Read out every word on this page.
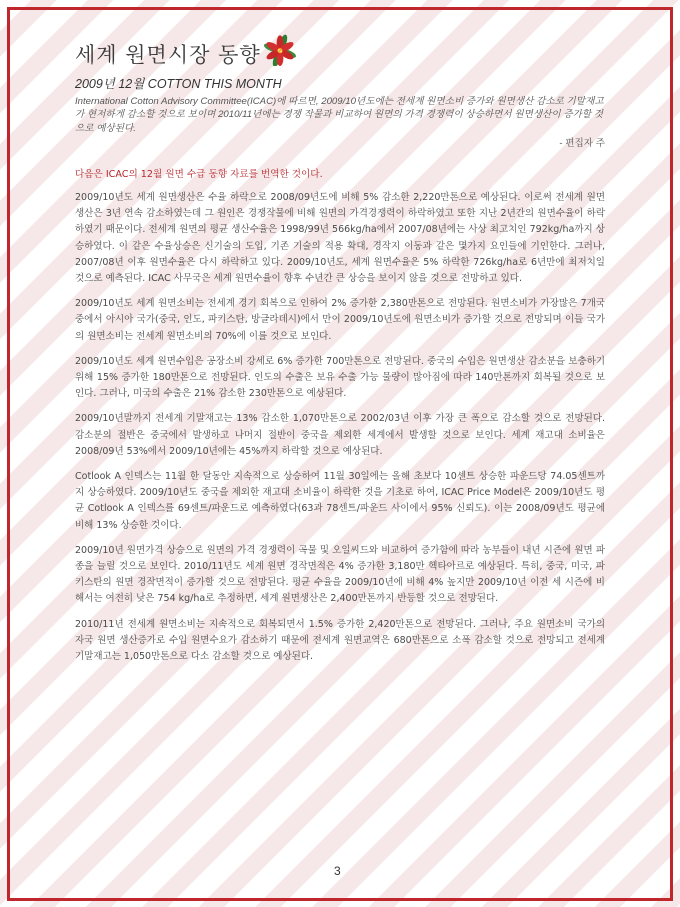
세계 원면시장 동향
2009년 12월 COTTON THIS MONTH
International Cotton Advisory Committee(ICAC)에 따르면, 2009/10년도에는 전세계 원면소비 증가와 원면생산 감소로 기말재고가 현저하게 감소할 것으로 보이며 2010/11년에는 경쟁 작물과 비교하여 원면의 가격 경쟁력이 상승하면서 원면생산이 증가할 것으로 예상된다.
- 편집자 주
다음은 ICAC의 12월 원면 수급 동향 자료를 번역한 것이다.

2009/10년도 세계 원면생산은 수율 하락으로 2008/09년도에 비해 5% 감소한 2,220만톤으로 예상된다. 이로써 전세계 원면생산은 3년 연속 감소하였는데 그 원인은 경쟁작물에 비해 원면의 가격경쟁력이 하락하였고 또한 지난 2년간의 원면수율이 하락하였기 때문이다. 전세계 원면의 평균 생산수율은 1998/99년 566kg/ha에서 2007/08년에는 사상 최고치인 792kg/ha까지 상승하였다. 이 같은 수율상승은 신기술의 도입, 기존 기술의 적용 확대, 경작지 이동과 같은 몇가지 요인들에 기인한다. 그러나, 2007/08년 이후 원면수율은 다시 하락하고 있다. 2009/10년도, 세계 원면수율은 5% 하락한 726kg/ha로 6년만에 최저치일 것으로 예측된다. ICAC 사무국은 세계 원면수율이 향후 수년간 큰 상승을 보이지 않을 것으로 전망하고 있다.

2009/10년도 세계 원면소비는 전세계 경기 회복으로 인하여 2% 증가한 2,380만톤으로 전망된다. 원면소비가 가장많은 7개국중에서 아시아 국가(중국, 인도, 파키스탄, 방글라데시)에서 만이 2009/10년도에 원면소비가 증가할 것으로 전망되며 이들 국가의 원면소비는 전세계 원면소비의 70%에 이를 것으로 보인다.

2009/10년도 세계 원면수입은 공장소비 강세로 6% 증가한 700만톤으로 전망된다. 중국의 수입은 원면생산 감소분을 보충하기 위해 15% 증가한 180만톤으로 전망된다. 인도의 수출은 보유 수출 가능 물량이 많아짐에 따라 140만톤까지 회복될 것으로 보인다. 그러나, 미국의 수출은 21% 감소한 230만톤으로 예상된다.

2009/10년말까지 전세계 기말재고는 13% 감소한 1,070만톤으로 2002/03년 이후 가장 큰 폭으로 감소할 것으로 전망된다. 감소분의 절반은 중국에서 발생하고 나머지 절반이 중국을 제외한 세계에서 발생할 것으로 보인다. 세계 재고대 소비율은 2008/09년 53%에서 2009/10년에는 45%까지 하락할 것으로 예상된다.

Cotlook A 인덱스는 11월 한 달동안 지속적으로 상승하여 11월 30일에는 올해 초보다 10센트 상승한 파운드당 74.05센트까지 상승하였다. 2009/10년도 중국을 제외한 재고대 소비율이 하락한 것을 기초로 하여, ICAC Price Model은 2009/10년도 평균 Cotlook A 인덱스를 69센트/파운드로 예측하였다(63과 78센트/파운드 사이에서 95% 신뢰도). 이는 2008/09년도 평균에 비해 13% 상승한 것이다.

2009/10년 원면가격 상승으로 원면의 가격 경쟁력이 곡물 및 오일씨드와 비교하여 증가함에 따라 농부들이 내년 시즌에 원면 파종을 늘릴 것으로 보인다. 2010/11년도 세계 원면 경작면적은 4% 증가한 3,180만 헥타아르로 예상된다. 특히, 중국, 미국, 파키스탄의 원면 경작면적이 증가할 것으로 전망된다. 평균 수율을 2009/10년에 비해 4% 높지만 2009/10년 이전 세 시즌에 비해서는 여전히 낮은 754 kg/ha로 추정하면, 세계 원면생산은 2,400만톤까지 반등할 것으로 전망된다.

2010/11년 전세계 원면소비는 지속적으로 회복되면서 1.5% 증가한 2,420만톤으로 전망된다. 그러나, 주요 원면소비 국가의 자국 원면 생산증가로 수입 원면수요가 감소하기 때문에 전세계 원면교역은 680만톤으로 소폭 감소할 것으로 전망되고 전세계 기말재고는 1,050만톤으로 다소 감소할 것으로 예상된다.

3
